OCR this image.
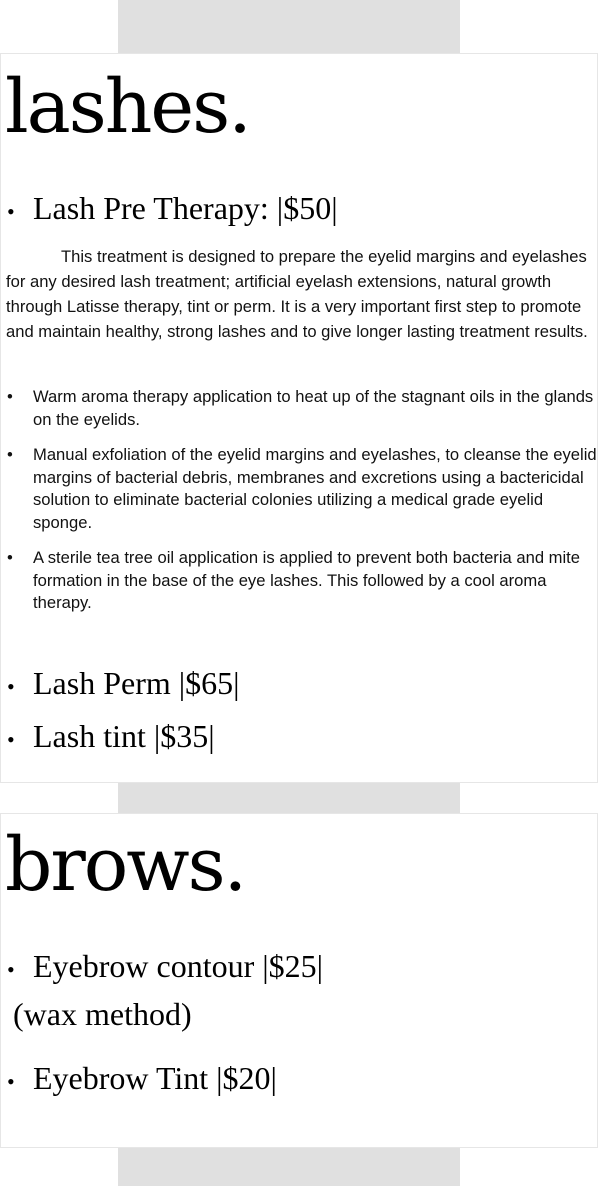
lashes.
• Lash Pre Therapy: |$50|

This treatment is designed to prepare the eyelid margins and eyelashes for any desired lash treatment; artificial eyelash extensions, natural growth through Latisse therapy, tint or perm. It is a very important first step to promote and maintain healthy, strong lashes and to give longer lasting treatment results.

• Warm aroma therapy application to heat up of the stagnant oils in the glands on the eyelids.
• Manual exfoliation of the eyelid margins and eyelashes, to cleanse the eyelid margins of bacterial debris, membranes and excretions using a bactericidal solution to eliminate bacterial colonies utilizing a medical grade eyelid sponge.
• A sterile tea tree oil application is applied to prevent both bacteria and mite formation in the base of the eye lashes. This followed by a cool aroma therapy.
• Lash Perm |$65|
• Lash tint |$35|
brows.
• Eyebrow contour |$25|
(wax method)
• Eyebrow Tint |$20|
